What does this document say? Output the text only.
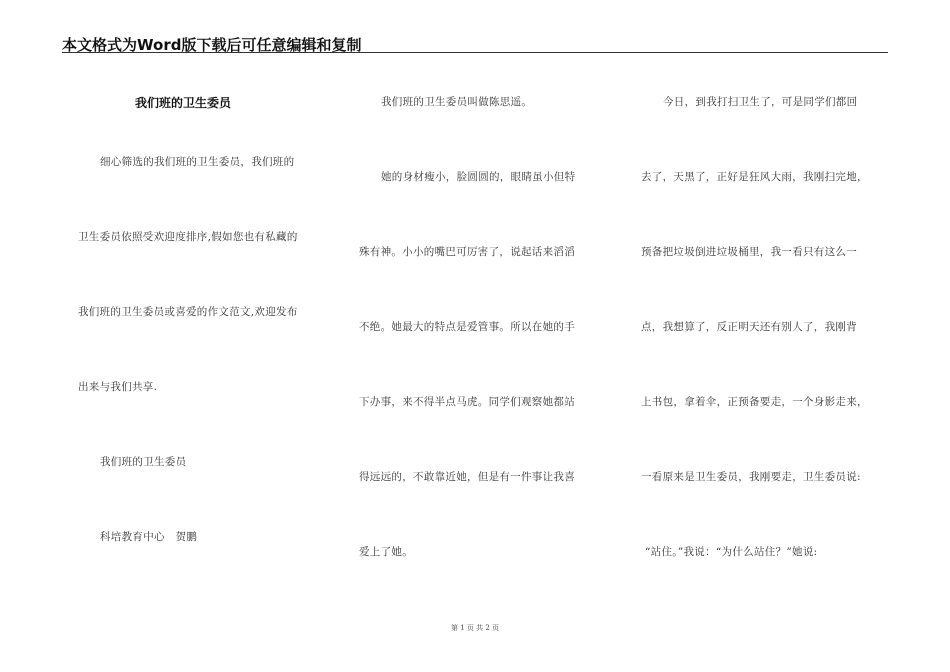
本文格式为Word版下载后可任意编辑和复制
我们班的卫生委员
细心筛选的我们班的卫生委员，我们班的
卫生委员依照受欢迎度排序,假如您也有私藏的
我们班的卫生委员或喜爱的作文范文,欢迎发布
出来与我们共享.
我们班的卫生委员
科培教育中心　贺鹏
我们班的卫生委员叫做陈思遥。
她的身材瘦小，脸圆圆的，眼睛虽小但特
殊有神。小小的嘴巴可厉害了，说起话来滔滔
不绝。她最大的特点是爱管事。所以在她的手
下办事，来不得半点马虎。同学们观察她都站
得远远的，不敢靠近她，但是有一件事让我喜
爱上了她。
今日，到我打扫卫生了，可是同学们都回
去了，天黑了，正好是狂风大雨，我刚扫完地，
预备把垃圾倒进垃圾桶里，我一看只有这么一
点，我想算了，反正明天还有别人了，我刚背
上书包，拿着伞，正预备要走，一个身影走来，
一看原来是卫生委员，我刚要走，卫生委员说:
“站住。”我说：“为什么站住？”她说:
第 1 页 共 2 页
